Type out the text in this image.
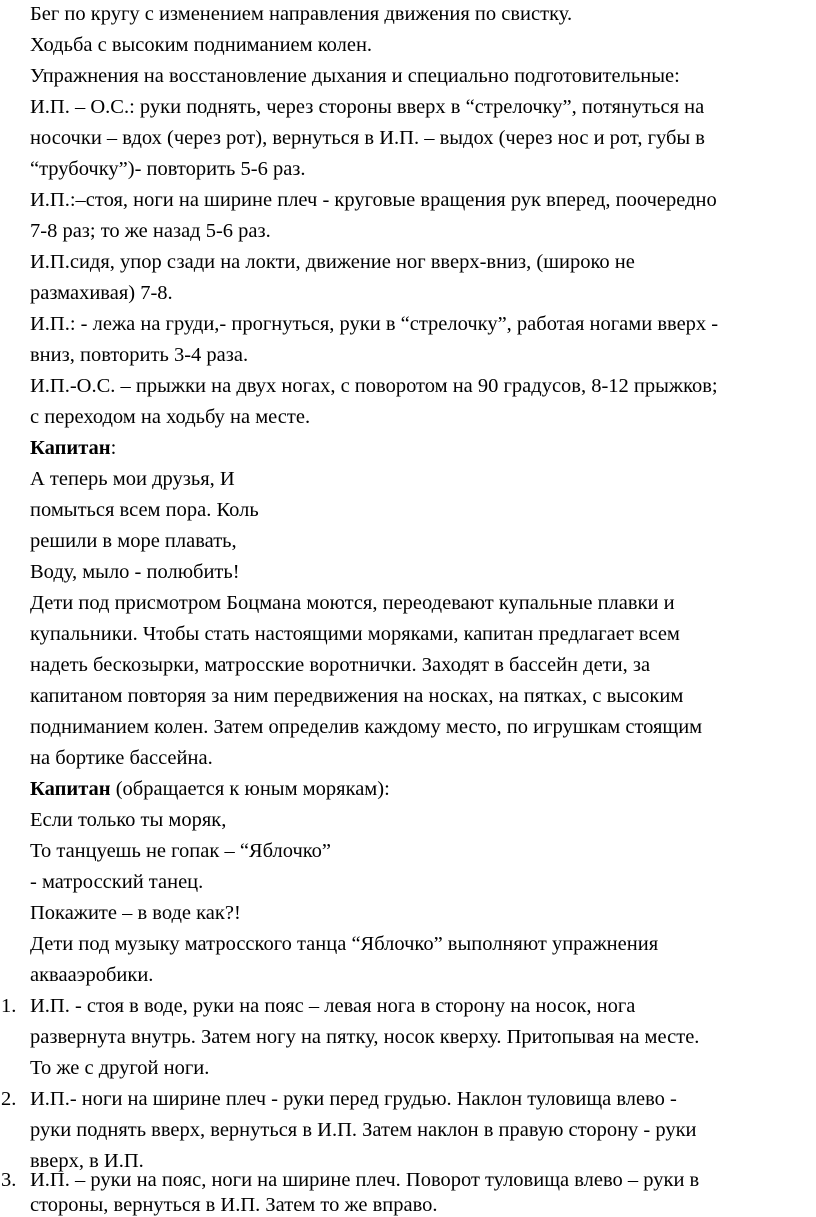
Бег по кругу с изменением направления движения по свистку.
Ходьба с высоким подниманием колен.
Упражнения на восстановление дыхания и специально подготовительные:
И.П. – О.С.: руки поднять, через стороны вверх в “стрелочку”, потянуться на
носочки – вдох (через рот), вернуться в И.П. – выдох (через нос и рот, губы в
“трубочку”)- повторить 5-6 раз.
И.П.:–стоя, ноги на ширине плеч - круговые вращения рук вперед, поочередно
7-8 раз; то же назад 5-6 раз.
И.П.сидя, упор сзади на локти, движение ног вверх-вниз, (широко не
размахивая) 7-8.
И.П.: - лежа на груди,- прогнуться, руки в “стрелочку”, работая ногами вверх -
вниз, повторить 3-4 раза.
И.П.-О.С. – прыжки на двух ногах, с поворотом на 90 градусов, 8-12 прыжков;
с переходом на ходьбу на месте.
Капитан:
А теперь мои друзья, И
помыться всем пора. Коль
решили в море плавать,
Воду, мыло - полюбить!
Дети под присмотром Боцмана моются, переодевают купальные плавки и
купальники. Чтобы стать настоящими моряками, капитан предлагает всем
надеть бескозырки, матросские воротнички. Заходят в бассейн дети, за
капитаном повторяя за ним передвижения на носках, на пятках, с высоким
подниманием колен. Затем определив каждому место, по игрушкам стоящим
на бортике бассейна.
Капитан (обращается к юным морякам):
Если только ты моряк,
То танцуешь не гопак – “Яблочко”
- матросский танец.
Покажите – в воде как?!
Дети под музыку матросского танца “Яблочко” выполняют упражнения
аквааэробики.
1. И.П. - стоя в воде, руки на пояс – левая нога в сторону на носок, нога
развернута внутрь. Затем ногу на пятку, носок кверху. Притопывая на месте.
То же с другой ноги.
2. И.П.- ноги на ширине плеч - руки перед грудью. Наклон туловища влево -
руки поднять вверх, вернуться в И.П. Затем наклон в правую сторону - руки
вверх, в И.П.
3. И.П. – руки на пояс, ноги на ширине плеч. Поворот туловища влево – руки в
стороны, вернуться в И.П. Затем то же вправо.
